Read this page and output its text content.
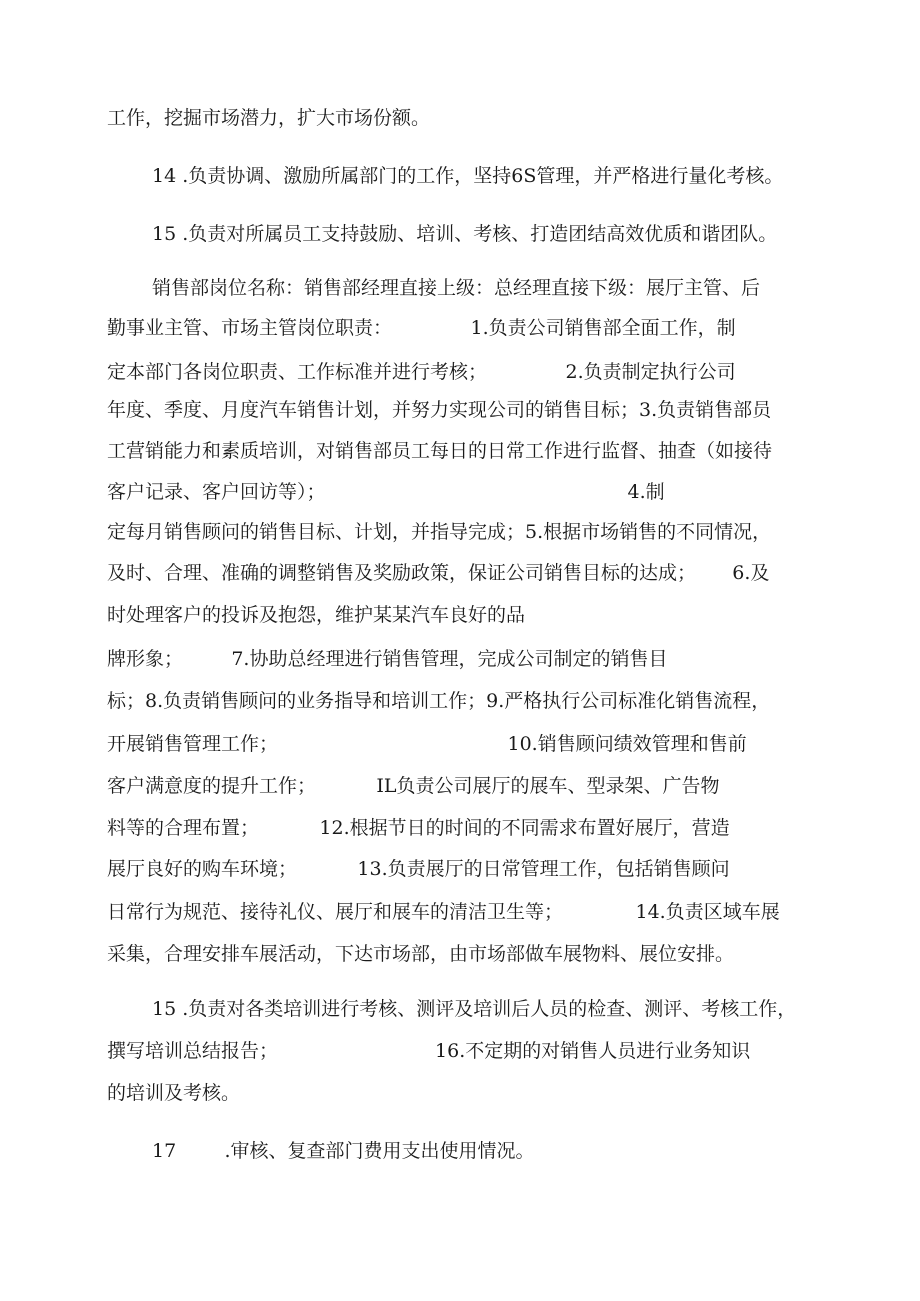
工作，挖掘市场潜力，扩大市场份额。

14 .负责协调、激励所属部门的工作，坚持6S管理，并严格进行量化考核。

15 .负责对所属员工支持鼓励、培训、考核、打造团结高效优质和谐团队。

销售部岗位名称：销售部经理直接上级：总经理直接下级：展厅主管、后

勤事业主管、市场主管岗位职责：             1.负责公司销售部全面工作，制

定本部门各岗位职责、工作标准并进行考核；             2.负责制定执行公司

年度、季度、月度汽车销售计划，并努力实现公司的销售目标；3.负责销售部员

工营销能力和素质培训，对销售部员工每日的日常工作进行监督、抽查（如接待

客户记录、客户回访等）；                                                  4.制

定每月销售顾问的销售目标、计划，并指导完成；5.根据市场销售的不同情况，

及时、合理、准确的调整销售及奖励政策，保证公司销售目标的达成；      6.及

时处理客户的投诉及抱怨，维护某某汽车良好的品

牌形象；        7.协助总经理进行销售管理，完成公司制定的销售目

标；8.负责销售顾问的业务指导和培训工作；9.严格执行公司标准化销售流程，

开展销售管理工作；                                      10.销售顾问绩效管理和售前

客户满意度的提升工作；          IL负责公司展厅的展车、型录架、广告物

料等的合理布置；          12.根据节日的时间的不同需求布置好展厅，营造

展厅良好的购车环境；          13.负责展厅的日常管理工作，包括销售顾问

日常行为规范、接待礼仪、展厅和展车的清洁卫生等；            14.负责区域车展

采集，合理安排车展活动，下达市场部，由市场部做车展物料、展位安排。

15 .负责对各类培训进行考核、测评及培训后人员的检查、测评、考核工作，

撰写培训总结报告；                          16.不定期的对销售人员进行业务知识

的培训及考核。

17        .审核、复查部门费用支出使用情况。
